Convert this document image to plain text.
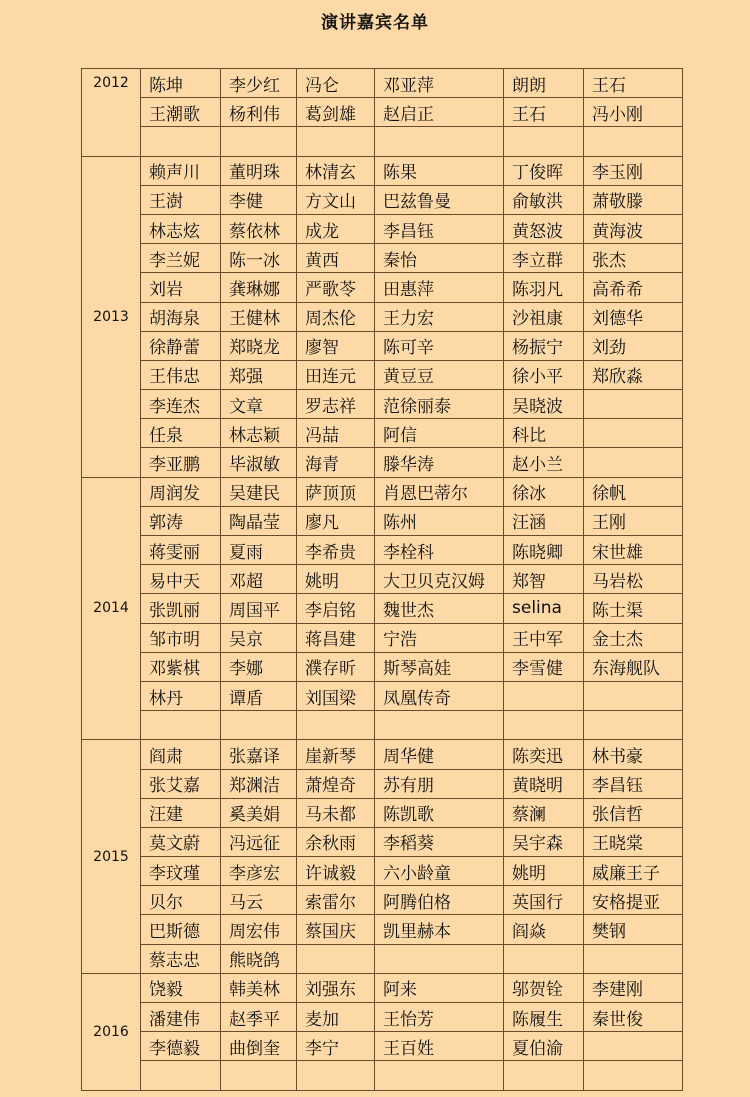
演讲嘉宾名单
2012	陈坤	李少红	冯仑	邓亚萍	朗朗	王石
	王潮歌	杨利伟	葛剑雄	赵启正	王石	冯小刚

2013	赖声川	董明珠	林清玄	陈果	丁俊晖	李玉刚
	王澍	李健	方文山	巴兹鲁曼	俞敏洪	萧敬滕
	林志炫	蔡依林	成龙	李昌钰	黄怒波	黄海波
	李兰妮	陈一冰	黄西	秦怡	李立群	张杰
	刘岩	龚琳娜	严歌苓	田惠萍	陈羽凡	高希希
	胡海泉	王健林	周杰伦	王力宏	沙祖康	刘德华
	徐静蕾	郑晓龙	廖智	陈可辛	杨振宁	刘劲
	王伟忠	郑强	田连元	黄豆豆	徐小平	郑欣淼
	李连杰	文章	罗志祥	范徐丽泰	吴晓波	
	任泉	林志颖	冯喆	阿信	科比	
	李亚鹏	毕淑敏	海青	滕华涛	赵小兰	
2014	周润发	吴建民	萨顶顶	肖恩巴蒂尔	徐冰	徐帆
	郭涛	陶晶莹	廖凡	陈州	汪涵	王刚
	蒋雯丽	夏雨	李希贵	李栓科	陈晓卿	宋世雄
	易中天	邓超	姚明	大卫贝克汉姆	郑智	马岩松
	张凯丽	周国平	李启铭	魏世杰	selina	陈士渠
	邹市明	吴京	蒋昌建	宁浩	王中军	金士杰
	邓紫棋	李娜	濮存昕	斯琴高娃	李雪健	东海舰队
	林丹	谭盾	刘国梁	凤凰传奇		

2015	阎肃	张嘉译	崖新琴	周华健	陈奕迅	林书豪
	张艾嘉	郑渊洁	萧煌奇	苏有朋	黄晓明	李昌钰
	汪建	奚美娟	马未都	陈凯歌	蔡澜	张信哲
	莫文蔚	冯远征	余秋雨	李稻葵	吴宇森	王晓棠
	李玟瑾	李彦宏	许诚毅	六小龄童	姚明	威廉王子
	贝尔	马云	索雷尔	阿腾伯格	英国行	安格提亚
	巴斯德	周宏伟	蔡国庆	凯里赫本	阎焱	樊钢
	蔡志忠	熊晓鸽				
2016	饶毅	韩美林	刘强东	阿来	邬贺铨	李建刚
	潘建伟	赵季平	麦加	王怡芳	陈履生	秦世俊
	李德毅	曲倒奎	李宁	王百姓	夏伯渝	
